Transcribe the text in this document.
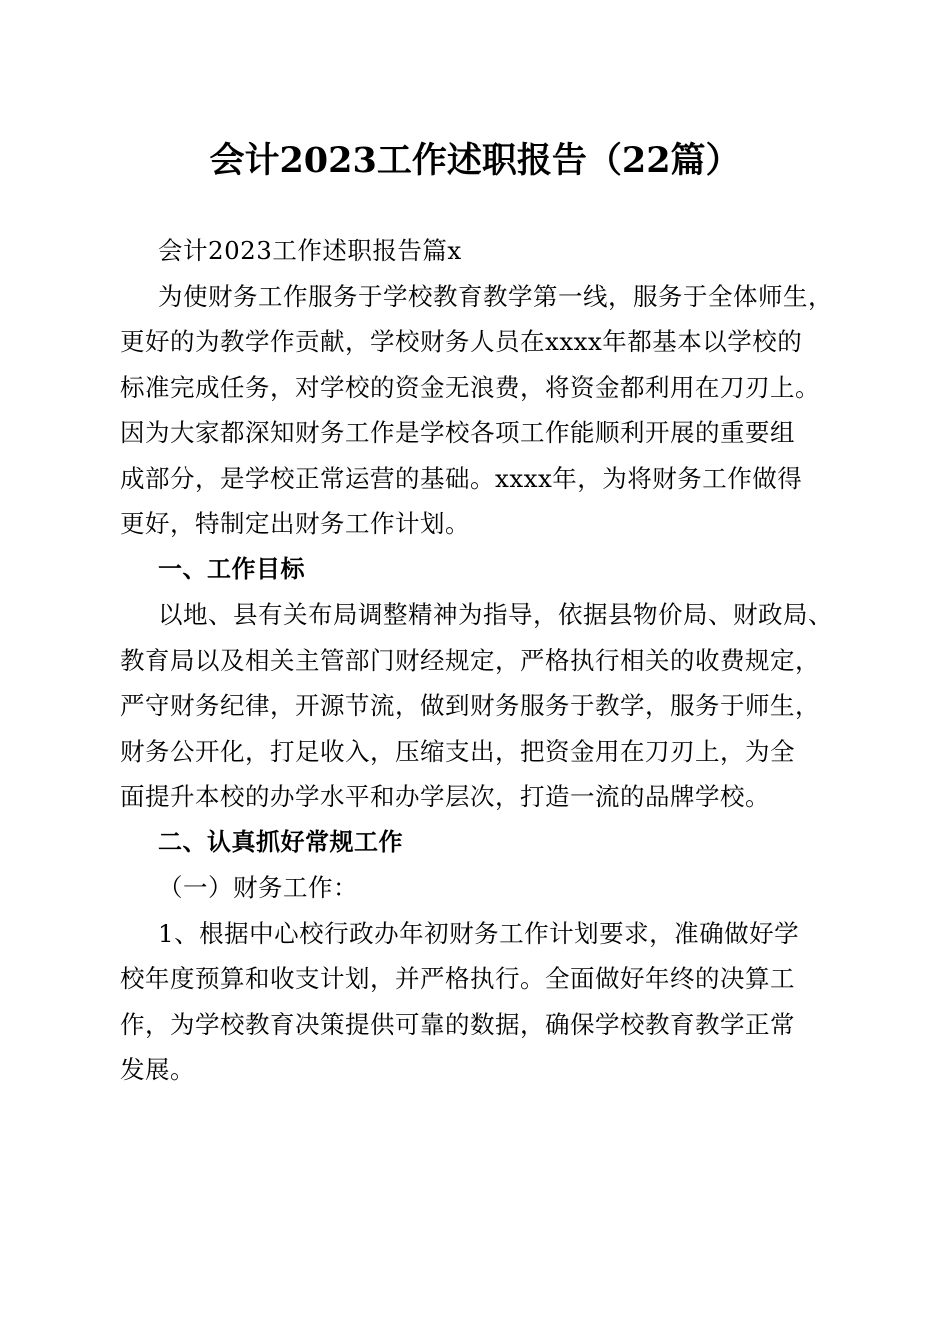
会计2023工作述职报告（22篇）

会计2023工作述职报告篇x

为使财务工作服务于学校教育教学第一线，服务于全体师生，

更好的为教学作贡献，学校财务人员在xxxx年都基本以学校的

标准完成任务，对学校的资金无浪费，将资金都利用在刀刃上。

因为大家都深知财务工作是学校各项工作能顺利开展的重要组

成部分，是学校正常运营的基础。xxxx年，为将财务工作做得

更好，特制定出财务工作计划。

一、工作目标

以地、县有关布局调整精神为指导，依据县物价局、财政局、

教育局以及相关主管部门财经规定，严格执行相关的收费规定，

严守财务纪律，开源节流，做到财务服务于教学，服务于师生，

财务公开化，打足收入，压缩支出，把资金用在刀刃上，为全

面提升本校的办学水平和办学层次，打造一流的品牌学校。

二、认真抓好常规工作

（一）财务工作：

1、根据中心校行政办年初财务工作计划要求，准确做好学

校年度预算和收支计划，并严格执行。全面做好年终的决算工

作，为学校教育决策提供可靠的数据，确保学校教育教学正常

发展。
